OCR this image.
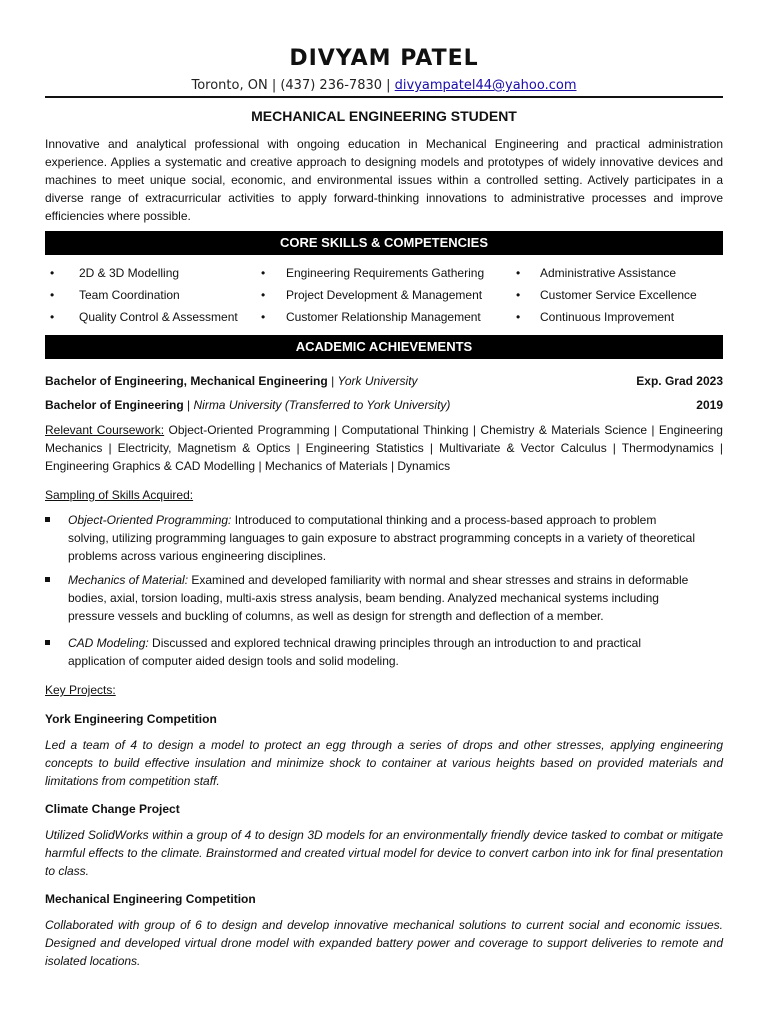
DIVYAM PATEL
Toronto, ON | (437) 236-7830 | divyampatel44@yahoo.com
MECHANICAL ENGINEERING STUDENT

Innovative and analytical professional with ongoing education in Mechanical Engineering and practical administration experience. Applies a systematic and creative approach to designing models and prototypes of widely innovative devices and machines to meet unique social, economic, and environmental issues within a controlled setting. Actively participates in a diverse range of extracurricular activities to apply forward-thinking innovations to administrative processes and improve efficiencies where possible.

CORE SKILLS & COMPETENCIES
• 2D & 3D Modelling
• Team Coordination
• Quality Control & Assessment
• Engineering Requirements Gathering
• Project Development & Management
• Customer Relationship Management
• Administrative Assistance
• Customer Service Excellence
• Continuous Improvement
ACADEMIC ACHIEVEMENTS
Bachelor of Engineering, Mechanical Engineering | York University	Exp. Grad 2023
Bachelor of Engineering | Nirma University (Transferred to York University)	2019

Relevant Coursework: Object-Oriented Programming | Computational Thinking | Chemistry & Materials Science | Engineering Mechanics | Electricity, Magnetism & Optics | Engineering Statistics | Multivariate & Vector Calculus | Thermodynamics | Engineering Graphics & CAD Modelling | Mechanics of Materials | Dynamics

Sampling of Skills Acquired:
Object-Oriented Programming: Introduced to computational thinking and a process-based approach to problem solving, utilizing programming languages to gain exposure to abstract programming concepts in a variety of theoretical problems across various engineering disciplines.
Mechanics of Material: Examined and developed familiarity with normal and shear stresses and strains in deformable bodies, axial, torsion loading, multi-axis stress analysis, beam bending. Analyzed mechanical systems including pressure vessels and buckling of columns, as well as design for strength and deflection of a member.
CAD Modeling: Discussed and explored technical drawing principles through an introduction to and practical application of computer aided design tools and solid modeling.
Key Projects:
York Engineering Competition

Led a team of 4 to design a model to protect an egg through a series of drops and other stresses, applying engineering concepts to build effective insulation and minimize shock to container at various heights based on provided materials and limitations from competition staff.

Climate Change Project

Utilized SolidWorks within a group of 4 to design 3D models for an environmentally friendly device tasked to combat or mitigate harmful effects to the climate. Brainstormed and created virtual model for device to convert carbon into ink for final presentation to class.

Mechanical Engineering Competition

Collaborated with group of 6 to design and develop innovative mechanical solutions to current social and economic issues. Designed and developed virtual drone model with expanded battery power and coverage to support deliveries to remote and isolated locations.
